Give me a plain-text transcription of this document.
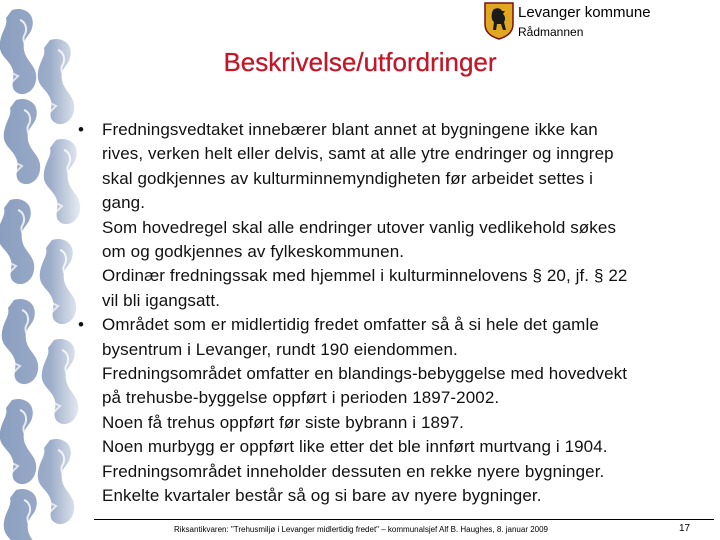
Levanger kommune
Rådmannen
Beskrivelse/utfordringer
• Fredningsvedtaket innebærer blant annet at bygningene ikke kan
rives, verken helt eller delvis, samt at alle ytre endringer og inngrep
skal godkjennes av kulturminnemyndigheten før arbeidet settes i
gang.
Som hovedregel skal alle endringer utover vanlig vedlikehold søkes
om og godkjennes av fylkeskommunen.
Ordinær fredningssak med hjemmel i kulturminnelovens § 20, jf. § 22
vil bli igangsatt.
• Området som er midlertidig fredet omfatter så å si hele det gamle
bysentrum i Levanger, rundt 190 eiendommen.
Fredningsområdet omfatter en blandings-bebyggelse med hovedvekt
på trehusbe-byggelse oppført i perioden 1897-2002.
Noen få trehus oppført før siste bybrann i 1897.
Noen murbygg er oppført like etter det ble innført murtvang i 1904.
Fredningsområdet inneholder dessuten en rekke nyere bygninger.
Enkelte kvartaler består så og si bare av nyere bygninger.
Riksantikvaren: "Trehusmiljø i Levanger midlertidig fredet" – kommunalsjef Alf B. Haughes, 8. januar 2009	17
